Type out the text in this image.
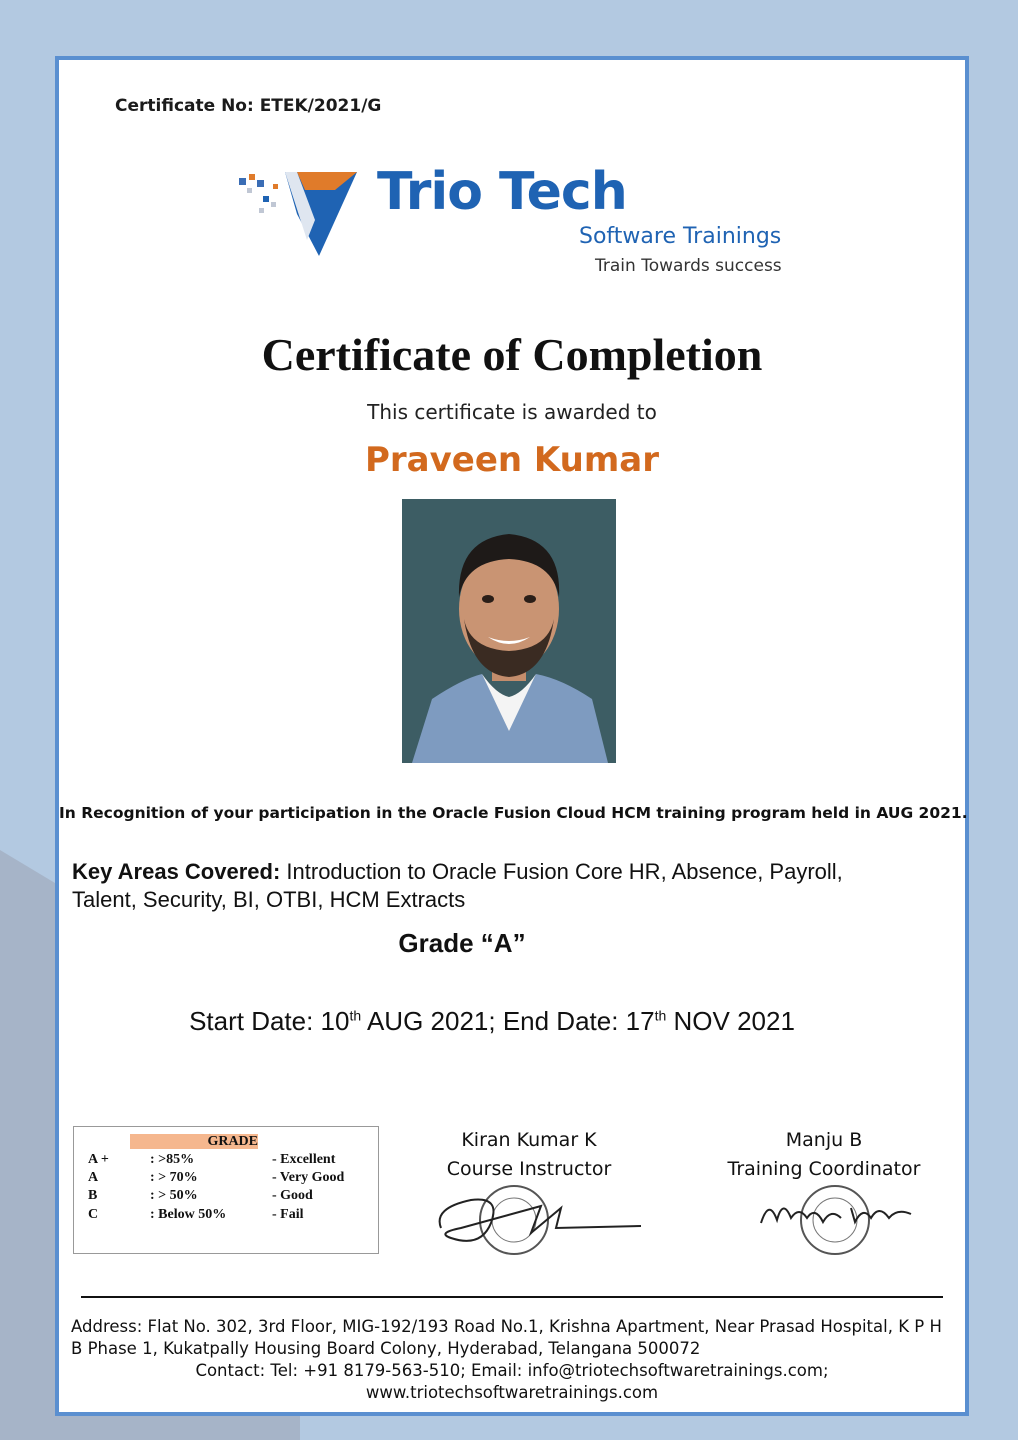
Certificate No: ETEK/2021/G
Trio Tech
Software Trainings
Train Towards success
Certificate of Completion
This certificate is awarded to
Praveen Kumar
In Recognition of your participation in the Oracle Fusion Cloud HCM training program held in AUG 2021.
Key Areas Covered: Introduction to Oracle Fusion Core HR, Absence, Payroll, Talent, Security, BI, OTBI, HCM Extracts
Grade “A”
Start Date: 10th AUG 2021; End Date: 17th NOV 2021
GRADE
A +	: >85%	- Excellent
A	: > 70%	- Very Good
B	: > 50%	- Good
C	: Below 50%	- Fail
Kiran Kumar K
Course Instructor
Manju B
Training Coordinator
Address: Flat No. 302, 3rd Floor, MIG-192/193 Road No.1, Krishna Apartment, Near Prasad Hospital, K P H B Phase 1, Kukatpally Housing Board Colony, Hyderabad, Telangana 500072
Contact: Tel: +91 8179-563-510; Email: info@triotechsoftwaretrainings.com;
www.triotechsoftwaretrainings.com
